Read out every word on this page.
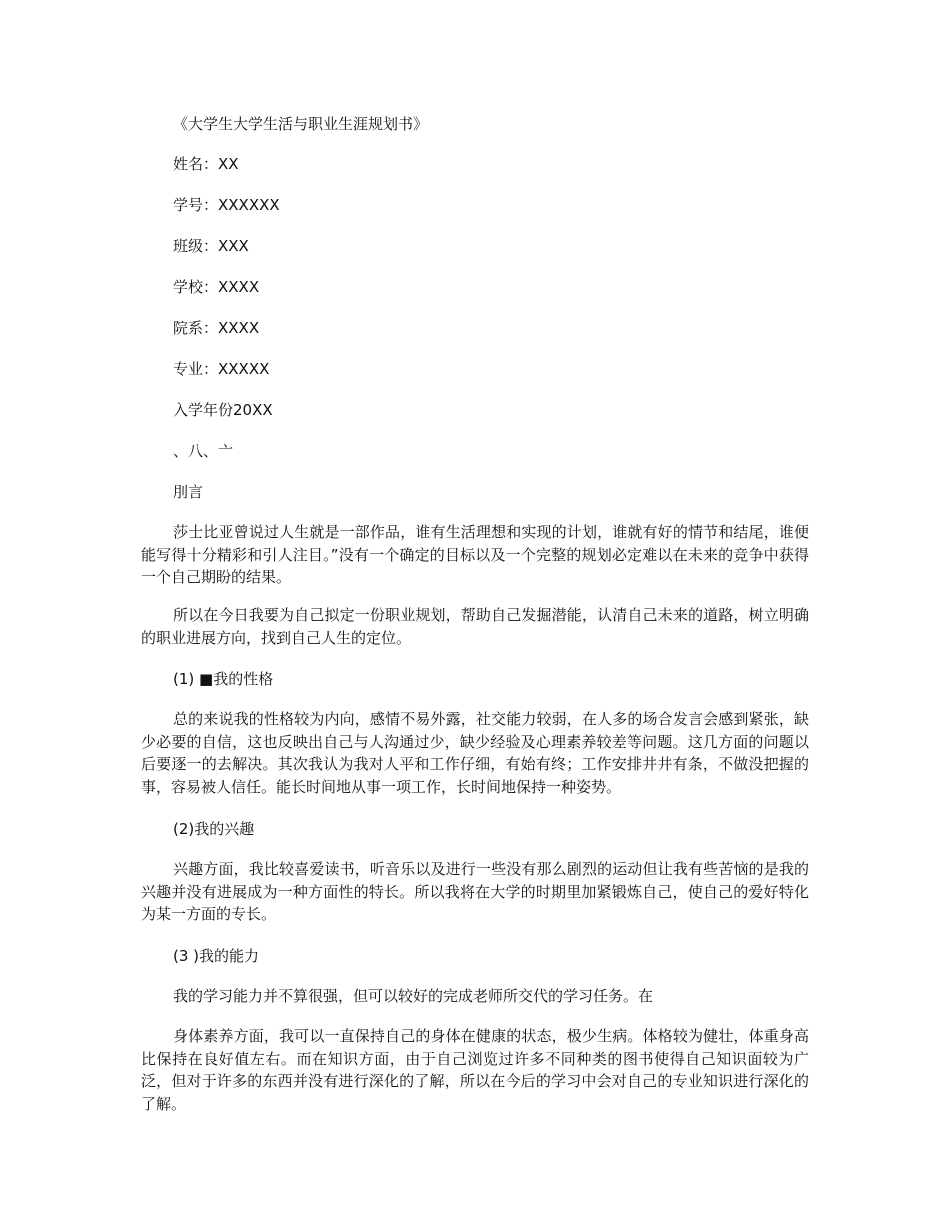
《大学生大学生活与职业生涯规划书》

姓名：XX

学号：XXXXXX

班级：XXX

学校：XXXX

院系：XXXX

专业：XXXXX

入学年份20XX

、八、亠

刖言

莎士比亚曾说过人生就是一部作品，谁有生活理想和实现的计划，谁就有好的情节和结尾，谁便能写得十分精彩和引人注目。”没有一个确定的目标以及一个完整的规划必定难以在未来的竞争中获得一个自己期盼的结果。

所以在今日我要为自己拟定一份职业规划，帮助自己发掘潜能，认清自己未来的道路，树立明确的职业进展方向，找到自己人生的定位。

(1) ■我的性格

总的来说我的性格较为内向，感情不易外露，社交能力较弱，在人多的场合发言会感到紧张，缺少必要的自信，这也反映出自己与人沟通过少，缺少经验及心理素养较差等问题。这几方面的问题以后要逐一的去解决。其次我认为我对人平和工作仔细，有始有终；工作安排井井有条，不做没把握的事，容易被人信任。能长时间地从事一项工作，长时间地保持一种姿势。

(2)我的兴趣

兴趣方面，我比较喜爱读书，听音乐以及进行一些没有那么剧烈的运动但让我有些苦恼的是我的兴趣并没有进展成为一种方面性的特长。所以我将在大学的时期里加紧锻炼自己，使自己的爱好特化为某一方面的专长。

(3 )我的能力

我的学习能力并不算很强，但可以较好的完成老师所交代的学习任务。在

身体素养方面，我可以一直保持自己的身体在健康的状态，极少生病。体格较为健壮，体重身高比保持在良好值左右。而在知识方面，由于自己浏览过许多不同种类的图书使得自己知识面较为广泛，但对于许多的东西并没有进行深化的了解，所以在今后的学习中会对自己的专业知识进行深化的了解。
